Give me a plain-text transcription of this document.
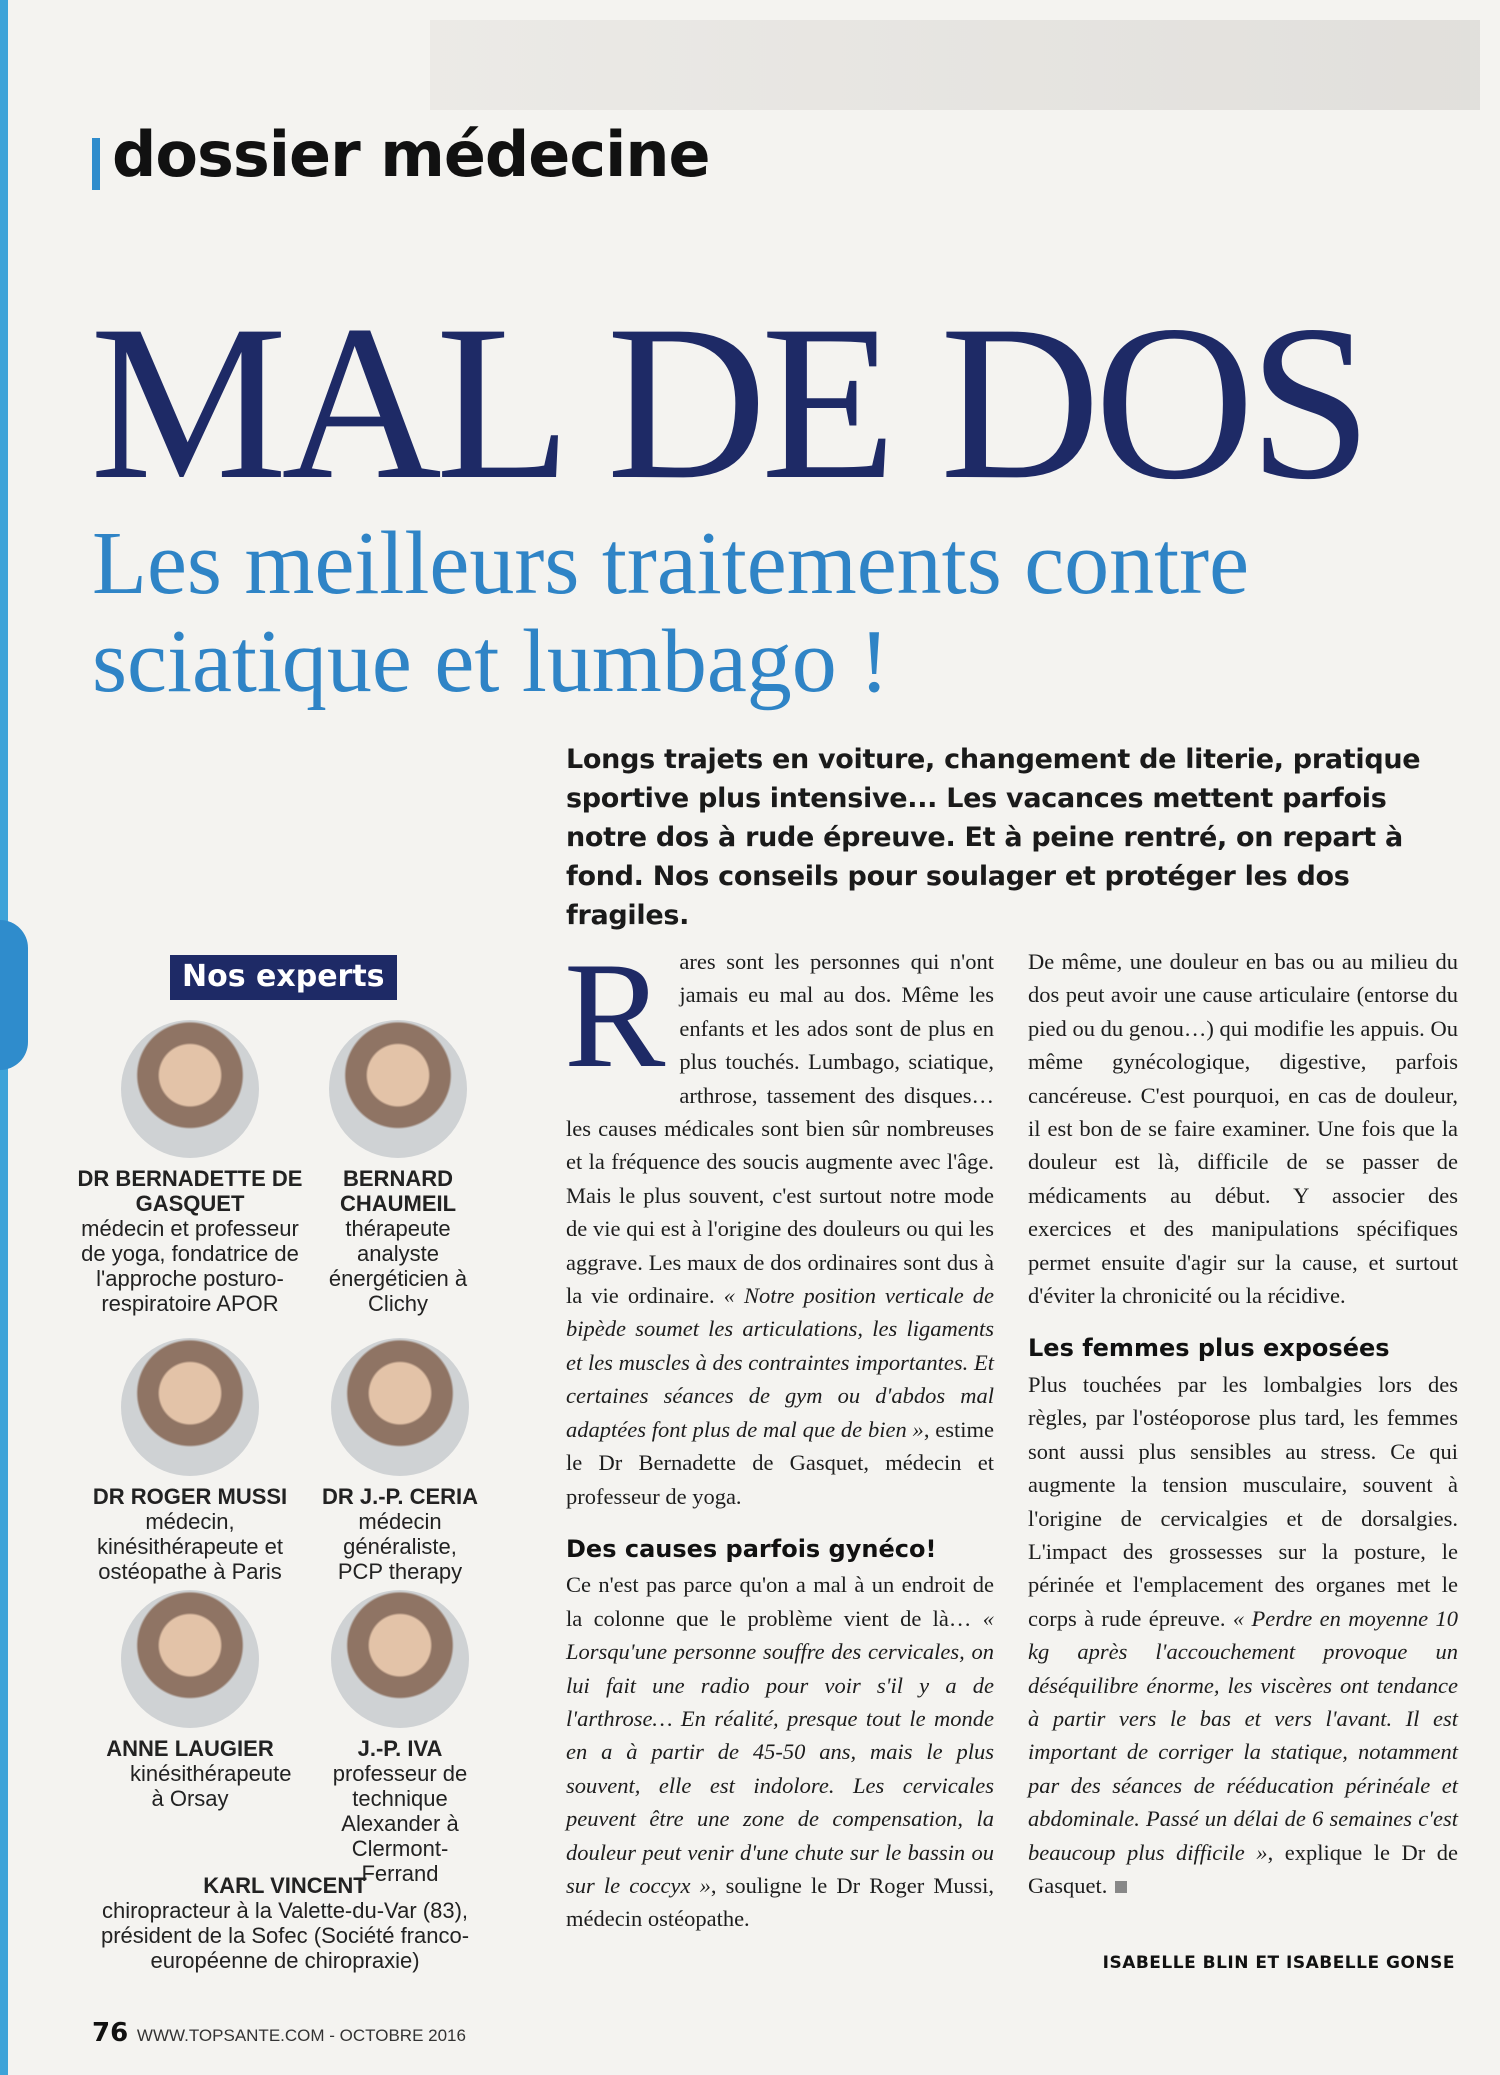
dossier médecine
MAL DE DOS
Les meilleurs traitements contre sciatique et lumbago !
Longs trajets en voiture, changement de literie, pratique sportive plus intensive... Les vacances mettent parfois notre dos à rude épreuve. Et à peine rentré, on repart à fond. Nos conseils pour soulager et protéger les dos fragiles.
Nos experts
DR BERNADETTE DE GASQUET
médecin et professeur de yoga, fondatrice de l'approche posturo-respiratoire APOR
BERNARD CHAUMEIL
thérapeute analyste énergéticien à Clichy
DR ROGER MUSSI
médecin, kinésithérapeute et ostéopathe à Paris
DR J.-P. CERIA
médecin généraliste, PCP therapy
ANNE LAUGIER
kinésithérapeute à Orsay
J.-P. IVA
professeur de technique Alexander à Clermont-Ferrand
KARL VINCENT
chiropracteur à la Valette-du-Var (83), président de la Sofec (Société franco-européenne de chiropraxie)

Rares sont les personnes qui n'ont jamais eu mal au dos. Même les enfants et les ados sont de plus en plus touchés. Lumbago, sciatique, arthrose, tassement des disques… les causes médicales sont bien sûr nombreuses et la fréquence des soucis augmente avec l'âge. Mais le plus souvent, c'est surtout notre mode de vie qui est à l'origine des douleurs ou qui les aggrave. Les maux de dos ordinaires sont dus à la vie ordinaire. « Notre position verticale de bipède soumet les articulations, les ligaments et les muscles à des contraintes importantes. Et certaines séances de gym ou d'abdos mal adaptées font plus de mal que de bien », estime le Dr Bernadette de Gasquet, médecin et professeur de yoga.

Des causes parfois gynéco!

Ce n'est pas parce qu'on a mal à un endroit de la colonne que le problème vient de là… « Lorsqu'une personne souffre des cervicales, on lui fait une radio pour voir s'il y a de l'arthrose… En réalité, presque tout le monde en a à partir de 45-50 ans, mais le plus souvent, elle est indolore. Les cervicales peuvent être une zone de compensation, la douleur peut venir d'une chute sur le bassin ou sur le coccyx », souligne le Dr Roger Mussi, médecin ostéopathe.

De même, une douleur en bas ou au milieu du dos peut avoir une cause articulaire (entorse du pied ou du genou…) qui modifie les appuis. Ou même gynécologique, digestive, parfois cancéreuse. C'est pourquoi, en cas de douleur, il est bon de se faire examiner. Une fois que la douleur est là, difficile de se passer de médicaments au début. Y associer des exercices et des manipulations spécifiques permet ensuite d'agir sur la cause, et surtout d'éviter la chronicité ou la récidive.

Les femmes plus exposées

Plus touchées par les lombalgies lors des règles, par l'ostéoporose plus tard, les femmes sont aussi plus sensibles au stress. Ce qui augmente la tension musculaire, souvent à l'origine de cervicalgies et de dorsalgies. L'impact des grossesses sur la posture, le périnée et l'emplacement des organes met le corps à rude épreuve. « Perdre en moyenne 10 kg après l'accouchement provoque un déséquilibre énorme, les viscères ont tendance à partir vers le bas et vers l'avant. Il est important de corriger la statique, notamment par des séances de rééducation périnéale et abdominale. Passé un délai de 6 semaines c'est beaucoup plus difficile », explique le Dr de Gasquet.

ISABELLE BLIN ET ISABELLE GONSE
76 WWW.TOPSANTE.COM - OCTOBRE 2016
